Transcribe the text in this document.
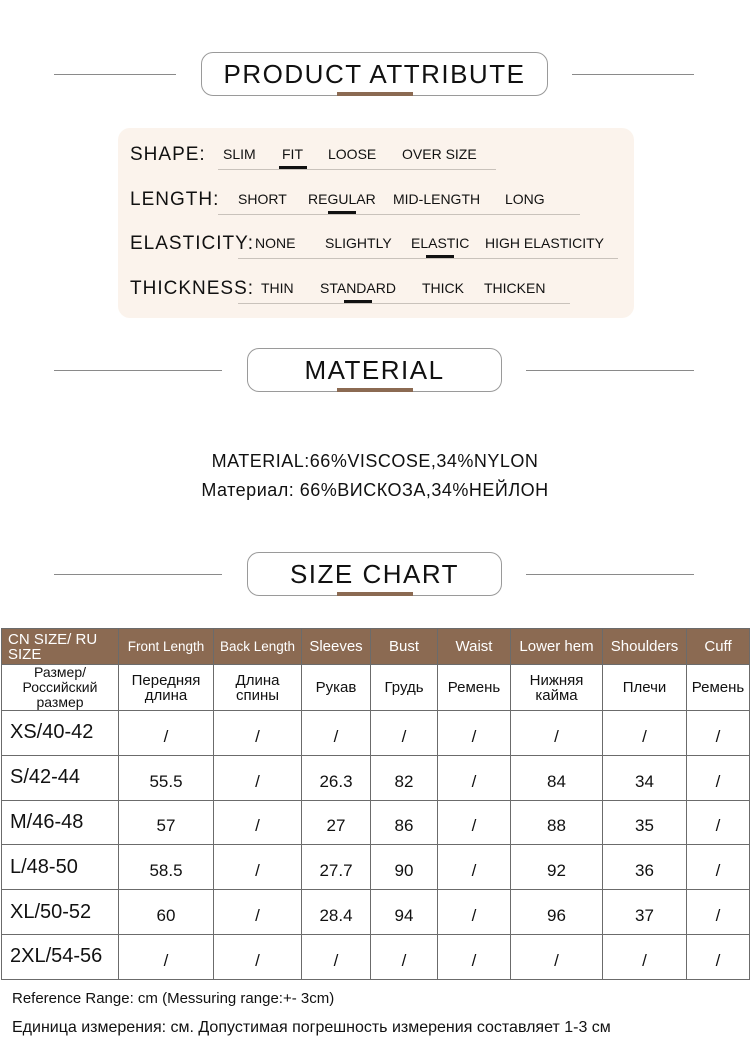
PRODUCT ATTRIBUTE
SHAPE: SLIM FIT LOOSE OVER SIZE
LENGTH: SHORT REGULAR MID-LENGTH LONG
ELASTICITY: NONE SLIGHTLY ELASTIC HIGH ELASTICITY
THICKNESS: THIN STANDARD THICK THICKEN
MATERIAL
MATERIAL:66%VISCOSE,34%NYLON
Материал: 66%ВИСКОЗА,34%НЕЙЛОН
SIZE CHART
CN SIZE/ RU SIZE	Front Length	Back Length	Sleeves	Bust	Waist	Lower hem	Shoulders	Cuff
Размер/ Российский размер	Передняя длина	Длина спины	Рукав	Грудь	Ремень	Нижняя кайма	Плечи	Ремень
XS/40-42	/	/	/	/	/	/	/	/
S/42-44	55.5	/	26.3	82	/	84	34	/
M/46-48	57	/	27	86	/	88	35	/
L/48-50	58.5	/	27.7	90	/	92	36	/
XL/50-52	60	/	28.4	94	/	96	37	/
2XL/54-56	/	/	/	/	/	/	/	/
Reference Range: cm (Messuring range:+- 3cm)
Единица измерения: см. Допустимая погрешность измерения составляет 1-3 см
